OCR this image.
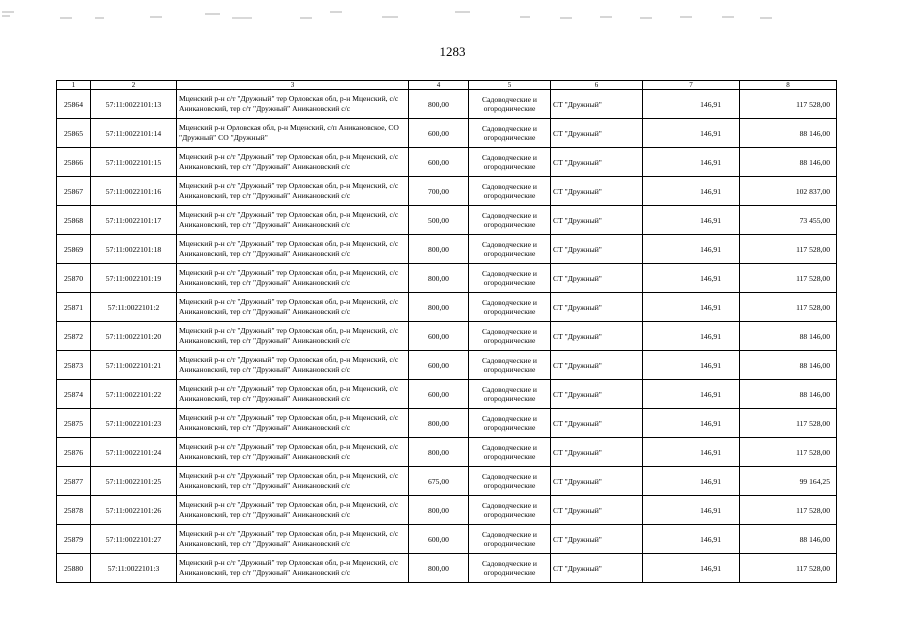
1283
1	2	3	4	5	6	7	8
25864	57:11:0022101:13	Мценский р-н с/т "Дружный" тер Орловская обл, р-н Мценский, с/с Аникановский, тер с/т "Дружный" Аникановский с/с	800,00	Садоводческие и огороднические	СТ "Дружный"	146,91	117 528,00
25865	57:11:0022101:14	Мценский р-н Орловская обл, р-н Мценский, с/п Аникановское, СО "Дружный" СО "Дружный"	600,00	Садоводческие и огороднические	СТ "Дружный"	146,91	88 146,00
25866	57:11:0022101:15	Мценский р-н с/т "Дружный" тер Орловская обл, р-н Мценский, с/с Аникановский, тер с/т "Дружный" Аникановский с/с	600,00	Садоводческие и огороднические	СТ "Дружный"	146,91	88 146,00
25867	57:11:0022101:16	Мценский р-н с/т "Дружный" тер Орловская обл, р-н Мценский, с/с Аникановский, тер с/т "Дружный" Аникановский с/с	700,00	Садоводческие и огороднические	СТ "Дружный"	146,91	102 837,00
25868	57:11:0022101:17	Мценский р-н с/т "Дружный" тер Орловская обл, р-н Мценский, с/с Аникановский, тер с/т "Дружный" Аникановский с/с	500,00	Садоводческие и огороднические	СТ "Дружный"	146,91	73 455,00
25869	57:11:0022101:18	Мценский р-н с/т "Дружный" тер Орловская обл, р-н Мценский, с/с Аникановский, тер с/т "Дружный" Аникановский с/с	800,00	Садоводческие и огороднические	СТ "Дружный"	146,91	117 528,00
25870	57:11:0022101:19	Мценский р-н с/т "Дружный" тер Орловская обл, р-н Мценский, с/с Аникановский, тер с/т "Дружный" Аникановский с/с	800,00	Садоводческие и огороднические	СТ "Дружный"	146,91	117 528,00
25871	57:11:0022101:2	Мценский р-н с/т "Дружный" тер Орловская обл, р-н Мценский, с/с Аникановский, тер с/т "Дружный" Аникановский с/с	800,00	Садоводческие и огороднические	СТ "Дружный"	146,91	117 528,00
25872	57:11:0022101:20	Мценский р-н с/т "Дружный" тер Орловская обл, р-н Мценский, с/с Аникановский, тер с/т "Дружный" Аникановский с/с	600,00	Садоводческие и огороднические	СТ "Дружный"	146,91	88 146,00
25873	57:11:0022101:21	Мценский р-н с/т "Дружный" тер Орловская обл, р-н Мценский, с/с Аникановский, тер с/т "Дружный" Аникановский с/с	600,00	Садоводческие и огороднические	СТ "Дружный"	146,91	88 146,00
25874	57:11:0022101:22	Мценский р-н с/т "Дружный" тер Орловская обл, р-н Мценский, с/с Аникановский, тер с/т "Дружный" Аникановский с/с	600,00	Садоводческие и огороднические	СТ "Дружный"	146,91	88 146,00
25875	57:11:0022101:23	Мценский р-н с/т "Дружный" тер Орловская обл, р-н Мценский, с/с Аникановский, тер с/т "Дружный" Аникановский с/с	800,00	Садоводческие и огороднические	СТ "Дружный"	146,91	117 528,00
25876	57:11:0022101:24	Мценский р-н с/т "Дружный" тер Орловская обл, р-н Мценский, с/с Аникановский, тер с/т "Дружный" Аникановский с/с	800,00	Садоводческие и огороднические	СТ "Дружный"	146,91	117 528,00
25877	57:11:0022101:25	Мценский р-н с/т "Дружный" тер Орловская обл, р-н Мценский, с/с Аникановский, тер с/т "Дружный" Аникановский с/с	675,00	Садоводческие и огороднические	СТ "Дружный"	146,91	99 164,25
25878	57:11:0022101:26	Мценский р-н с/т "Дружный" тер Орловская обл, р-н Мценский, с/с Аникановский, тер с/т "Дружный" Аникановский с/с	800,00	Садоводческие и огороднические	СТ "Дружный"	146,91	117 528,00
25879	57:11:0022101:27	Мценский р-н с/т "Дружный" тер Орловская обл, р-н Мценский, с/с Аникановский, тер с/т "Дружный" Аникановский с/с	600,00	Садоводческие и огороднические	СТ "Дружный"	146,91	88 146,00
25880	57:11:0022101:3	Мценский р-н с/т "Дружный" тер Орловская обл, р-н Мценский, с/с Аникановский, тер с/т "Дружный" Аникановский с/с	800,00	Садоводческие и огороднические	СТ "Дружный"	146,91	117 528,00
